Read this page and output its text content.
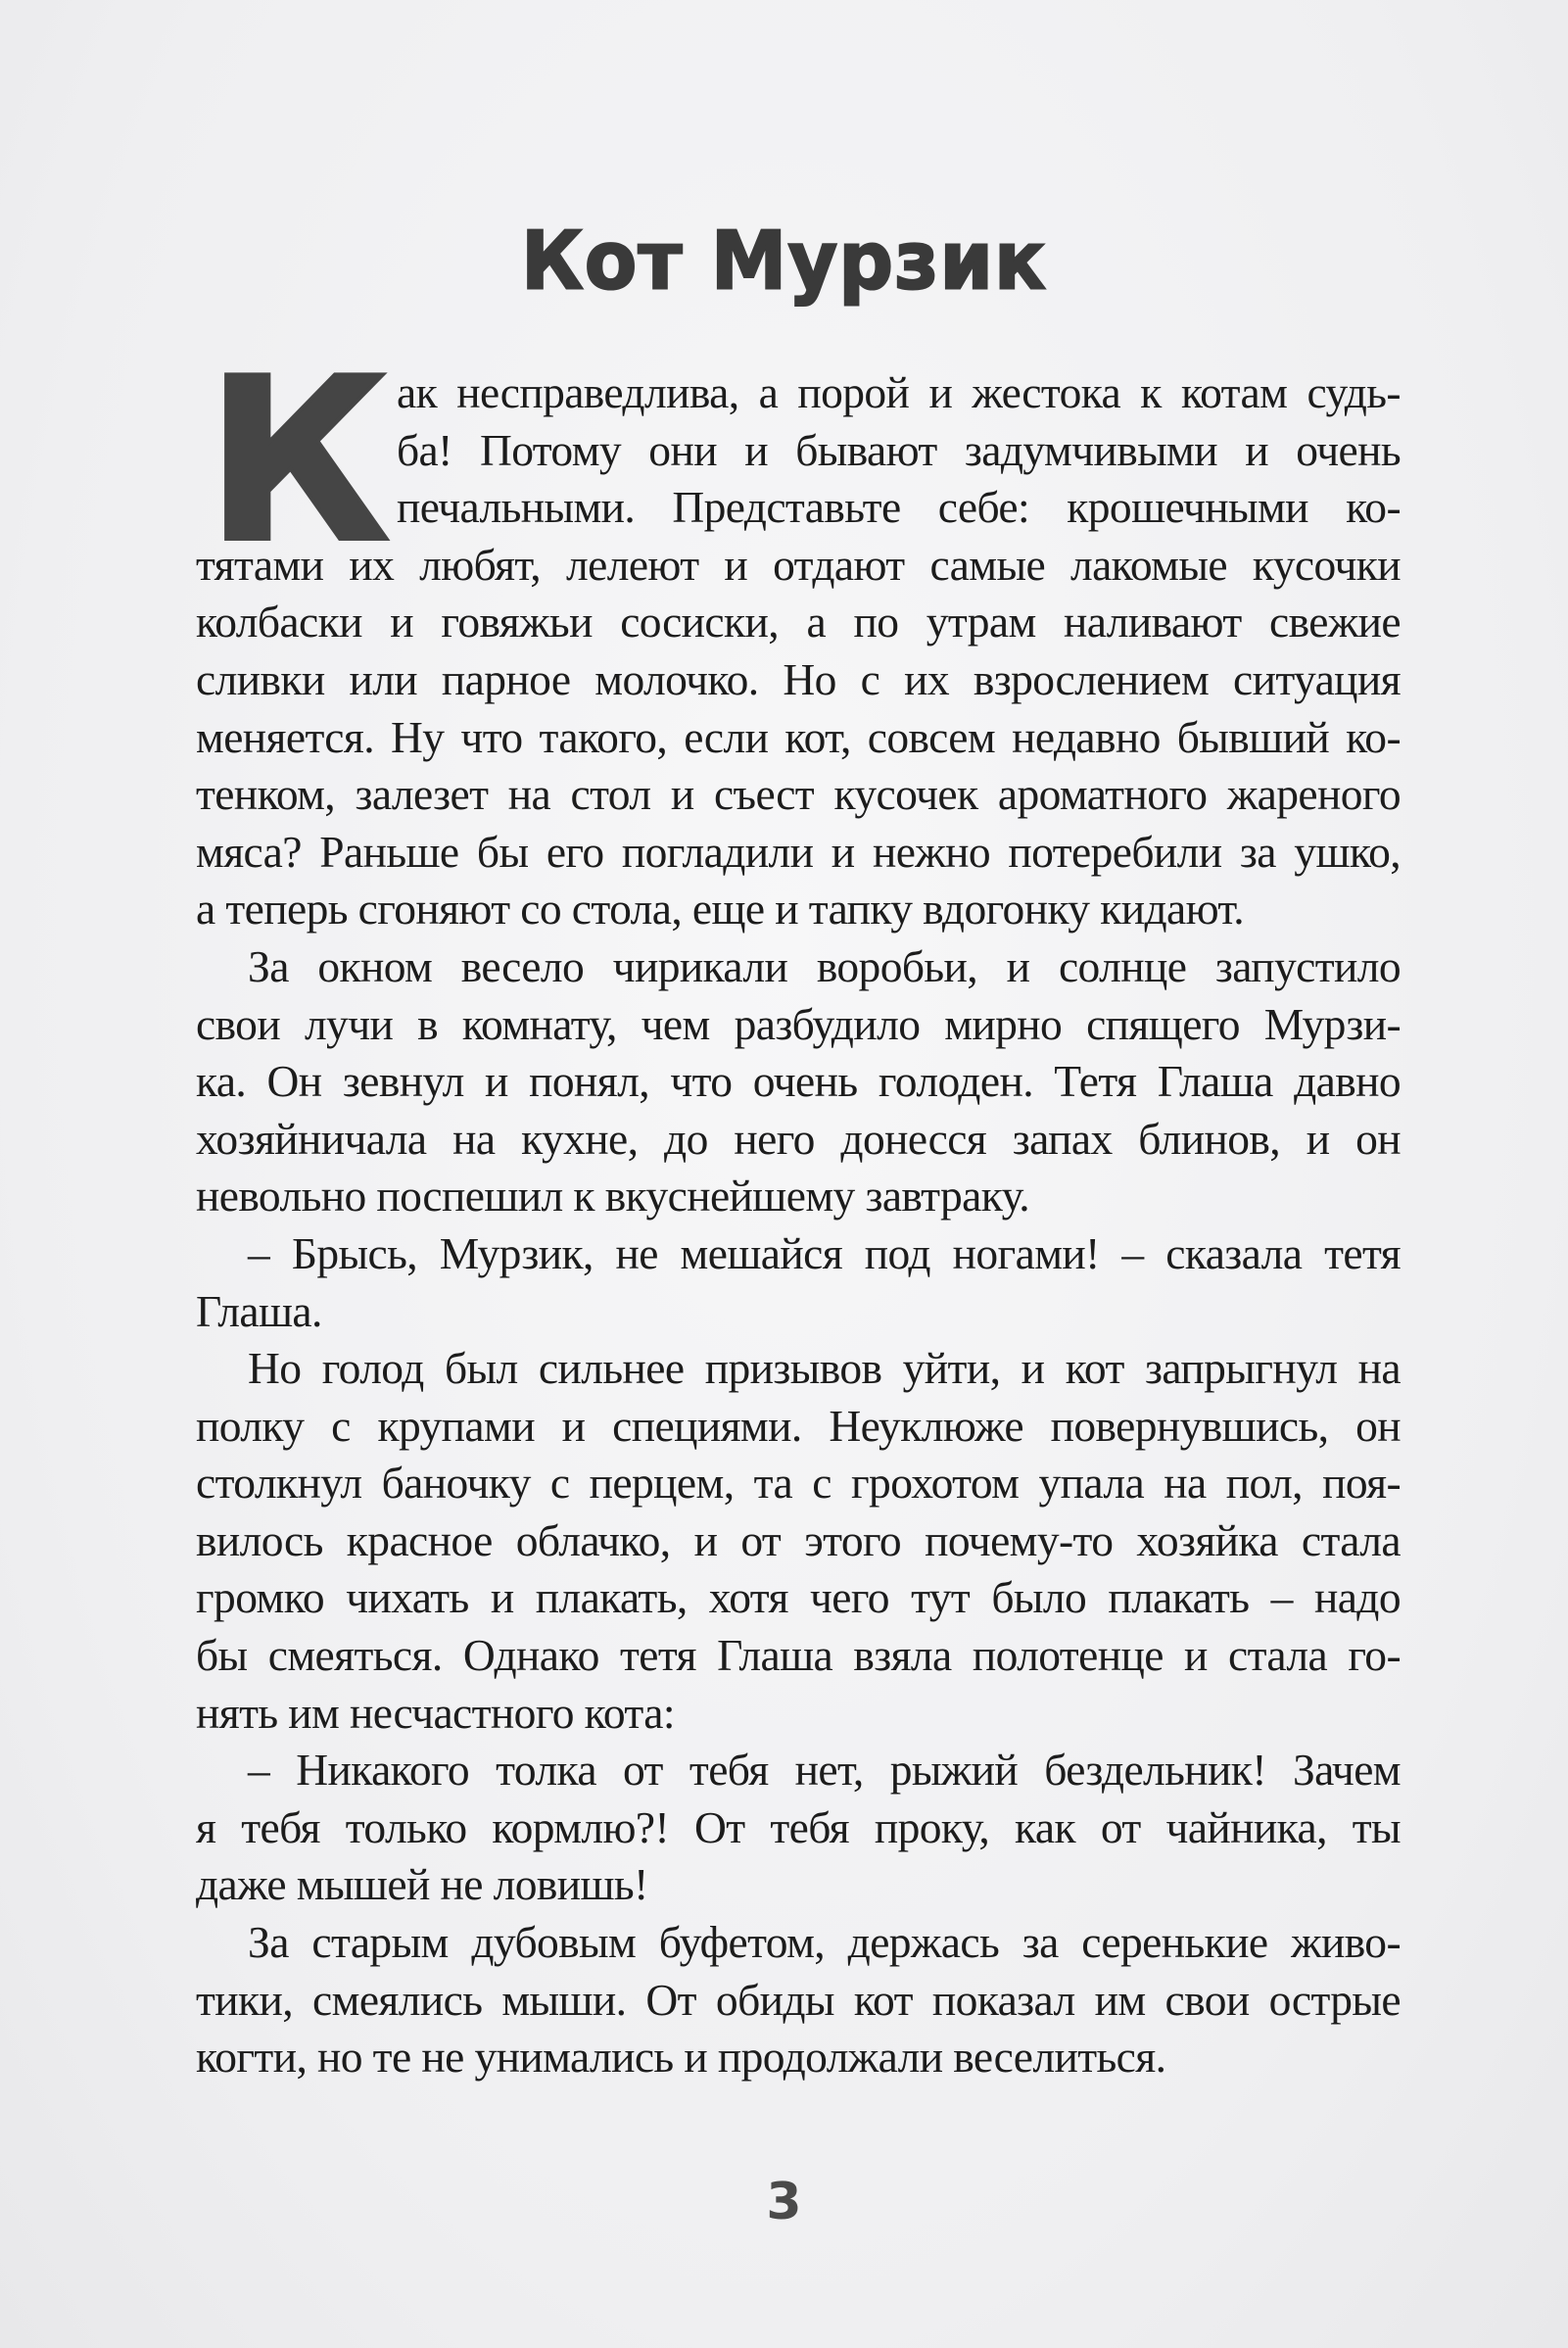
Кот Мурзик
К ак несправедлива, а порой и жестока к котам судь-
ба! Потому они и бывают задумчивыми и очень
печальными. Представьте себе: крошечными ко-
тятами их любят, лелеют и отдают самые лакомые кусочки
колбаски и говяжьи сосиски, а по утрам наливают свежие
сливки или парное молочко. Но с их взрослением ситуация
меняется. Ну что такого, если кот, совсем недавно бывший ко-
тенком, залезет на стол и съест кусочек ароматного жареного
мяса? Раньше бы его погладили и нежно потеребили за ушко,
а теперь сгоняют со стола, еще и тапку вдогонку кидают.
За окном весело чирикали воробьи, и солнце запустило
свои лучи в комнату, чем разбудило мирно спящего Мурзи-
ка. Он зевнул и понял, что очень голоден. Тетя Глаша давно
хозяйничала на кухне, до него донесся запах блинов, и он
невольно поспешил к вкуснейшему завтраку.
– Брысь, Мурзик, не мешайся под ногами! – сказала тетя
Глаша.
Но голод был сильнее призывов уйти, и кот запрыгнул на
полку с крупами и специями. Неуклюже повернувшись, он
столкнул баночку с перцем, та с грохотом упала на пол, поя-
вилось красное облачко, и от этого почему-то хозяйка стала
громко чихать и плакать, хотя чего тут было плакать – надо
бы смеяться. Однако тетя Глаша взяла полотенце и стала го-
нять им несчастного кота:
– Никакого толка от тебя нет, рыжий бездельник! Зачем
я тебя только кормлю?! От тебя проку, как от чайника, ты
даже мышей не ловишь!
За старым дубовым буфетом, держась за серенькие живо-
тики, смеялись мыши. От обиды кот показал им свои острые
когти, но те не унимались и продолжали веселиться.
3
